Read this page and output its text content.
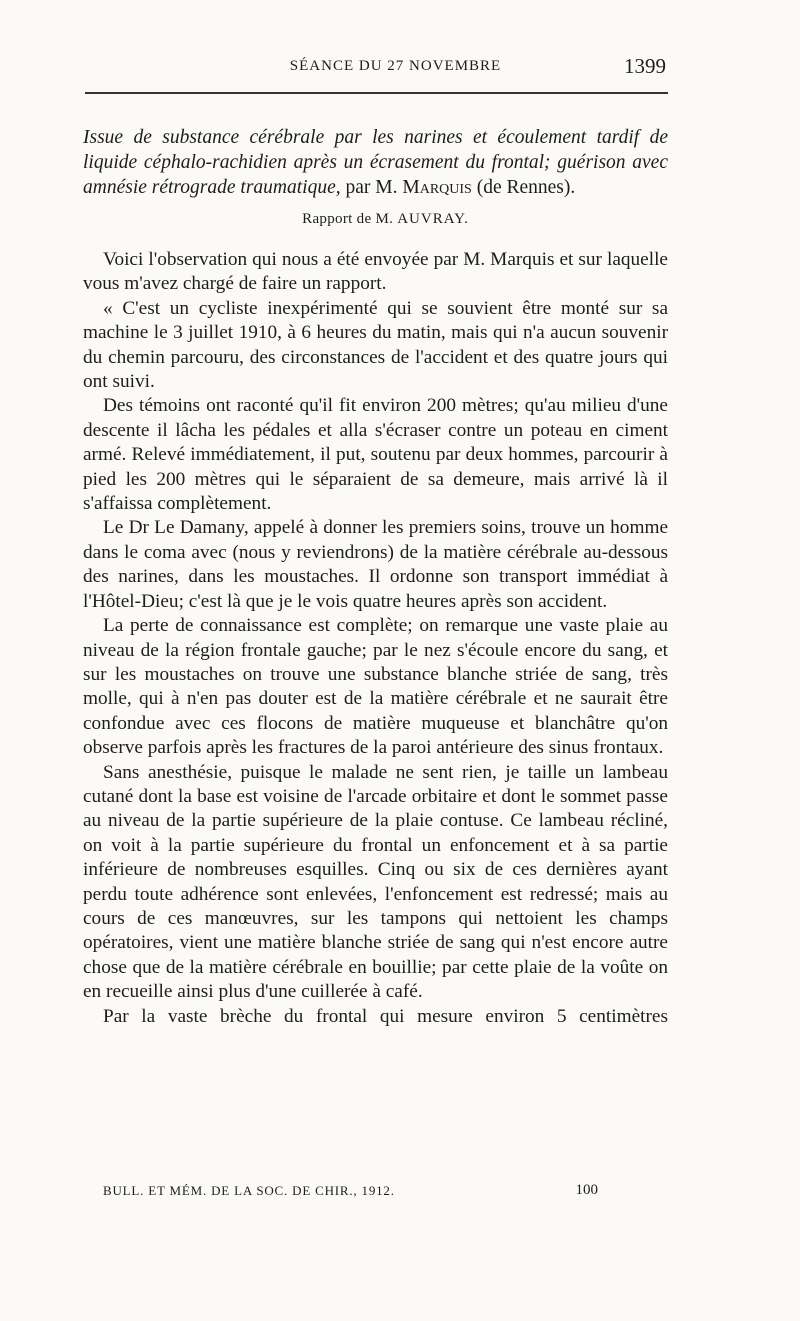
SÉANCE DU 27 NOVEMBRE	1399
Issue de substance cérébrale par les narines et écoulement tardif de liquide céphalo-rachidien après un écrasement du frontal; guérison avec amnésie rétrograde traumatique, par M. Marquis (de Rennes).
Rapport de M. AUVRAY.

Voici l'observation qui nous a été envoyée par M. Marquis et sur laquelle vous m'avez chargé de faire un rapport.

« C'est un cycliste inexpérimenté qui se souvient être monté sur sa machine le 3 juillet 1910, à 6 heures du matin, mais qui n'a aucun souvenir du chemin parcouru, des circonstances de l'accident et des quatre jours qui ont suivi.

Des témoins ont raconté qu'il fit environ 200 mètres; qu'au milieu d'une descente il lâcha les pédales et alla s'écraser contre un poteau en ciment armé. Relevé immédiatement, il put, soutenu par deux hommes, parcourir à pied les 200 mètres qui le séparaient de sa demeure, mais arrivé là il s'affaissa complètement.

Le Dr Le Damany, appelé à donner les premiers soins, trouve un homme dans le coma avec (nous y reviendrons) de la matière cérébrale au-dessous des narines, dans les moustaches. Il ordonne son transport immédiat à l'Hôtel-Dieu; c'est là que je le vois quatre heures après son accident.

La perte de connaissance est complète; on remarque une vaste plaie au niveau de la région frontale gauche; par le nez s'écoule encore du sang, et sur les moustaches on trouve une substance blanche striée de sang, très molle, qui à n'en pas douter est de la matière cérébrale et ne saurait être confondue avec ces flocons de matière muqueuse et blanchâtre qu'on observe parfois après les fractures de la paroi antérieure des sinus frontaux.

Sans anesthésie, puisque le malade ne sent rien, je taille un lambeau cutané dont la base est voisine de l'arcade orbitaire et dont le sommet passe au niveau de la partie supérieure de la plaie contuse. Ce lambeau récliné, on voit à la partie supérieure du frontal un enfoncement et à sa partie inférieure de nombreuses esquilles. Cinq ou six de ces dernières ayant perdu toute adhérence sont enlevées, l'enfoncement est redressé; mais au cours de ces manœuvres, sur les tampons qui nettoient les champs opératoires, vient une matière blanche striée de sang qui n'est encore autre chose que de la matière cérébrale en bouillie; par cette plaie de la voûte on en recueille ainsi plus d'une cuillerée à café.

Par la vaste brèche du frontal qui mesure environ 5 centimètres

BULL. ET MÉM. DE LA SOC. DE CHIR., 1912.	100
